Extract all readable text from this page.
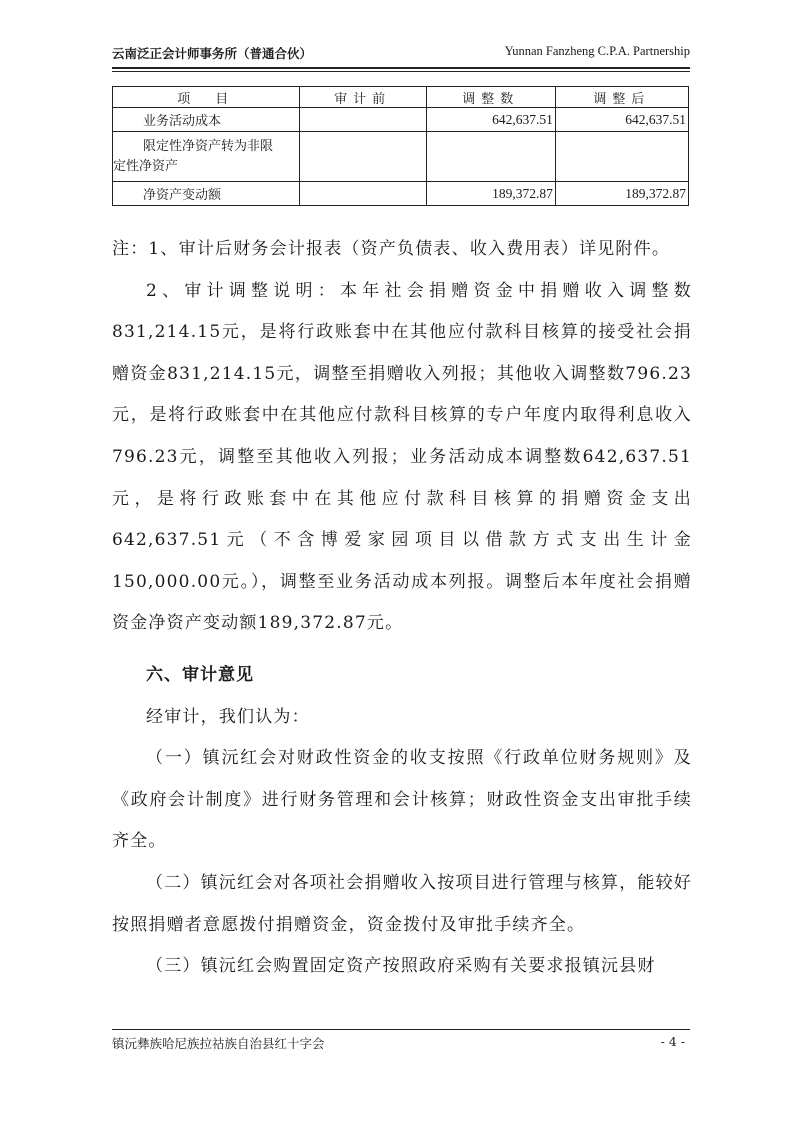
云南泛正会计师事务所（普通合伙）	Yunnan Fanzheng C.P.A. Partnership
项　目	审计前	调整数	调整后
业务活动成本		642,637.51	642,637.51

限定性净资产转为非限
定性净资产			

净资产变动额		189,372.87	189,372.87

注：1、审计后财务会计报表（资产负债表、收入费用表）详见附件。

2、审计调整说明：本年社会捐赠资金中捐赠收入调整数831,214.15元，是将行政账套中在其他应付款科目核算的接受社会捐赠资金831,214.15元，调整至捐赠收入列报；其他收入调整数796.23元，是将行政账套中在其他应付款科目核算的专户年度内取得利息收入796.23元，调整至其他收入列报；业务活动成本调整数642,637.51元，是将行政账套中在其他应付款科目核算的捐赠资金支出642,637.51元（不含博爱家园项目以借款方式支出生计金150,000.00元。），调整至业务活动成本列报。调整后本年度社会捐赠资金净资产变动额189,372.87元。

六、审计意见

经审计，我们认为：

（一）镇沅红会对财政性资金的收支按照《行政单位财务规则》及《政府会计制度》进行财务管理和会计核算；财政性资金支出审批手续齐全。

（二）镇沅红会对各项社会捐赠收入按项目进行管理与核算，能较好按照捐赠者意愿拨付捐赠资金，资金拨付及审批手续齐全。

（三）镇沅红会购置固定资产按照政府采购有关要求报镇沅县财

镇沅彝族哈尼族拉祜族自治县红十字会	- 4 -
